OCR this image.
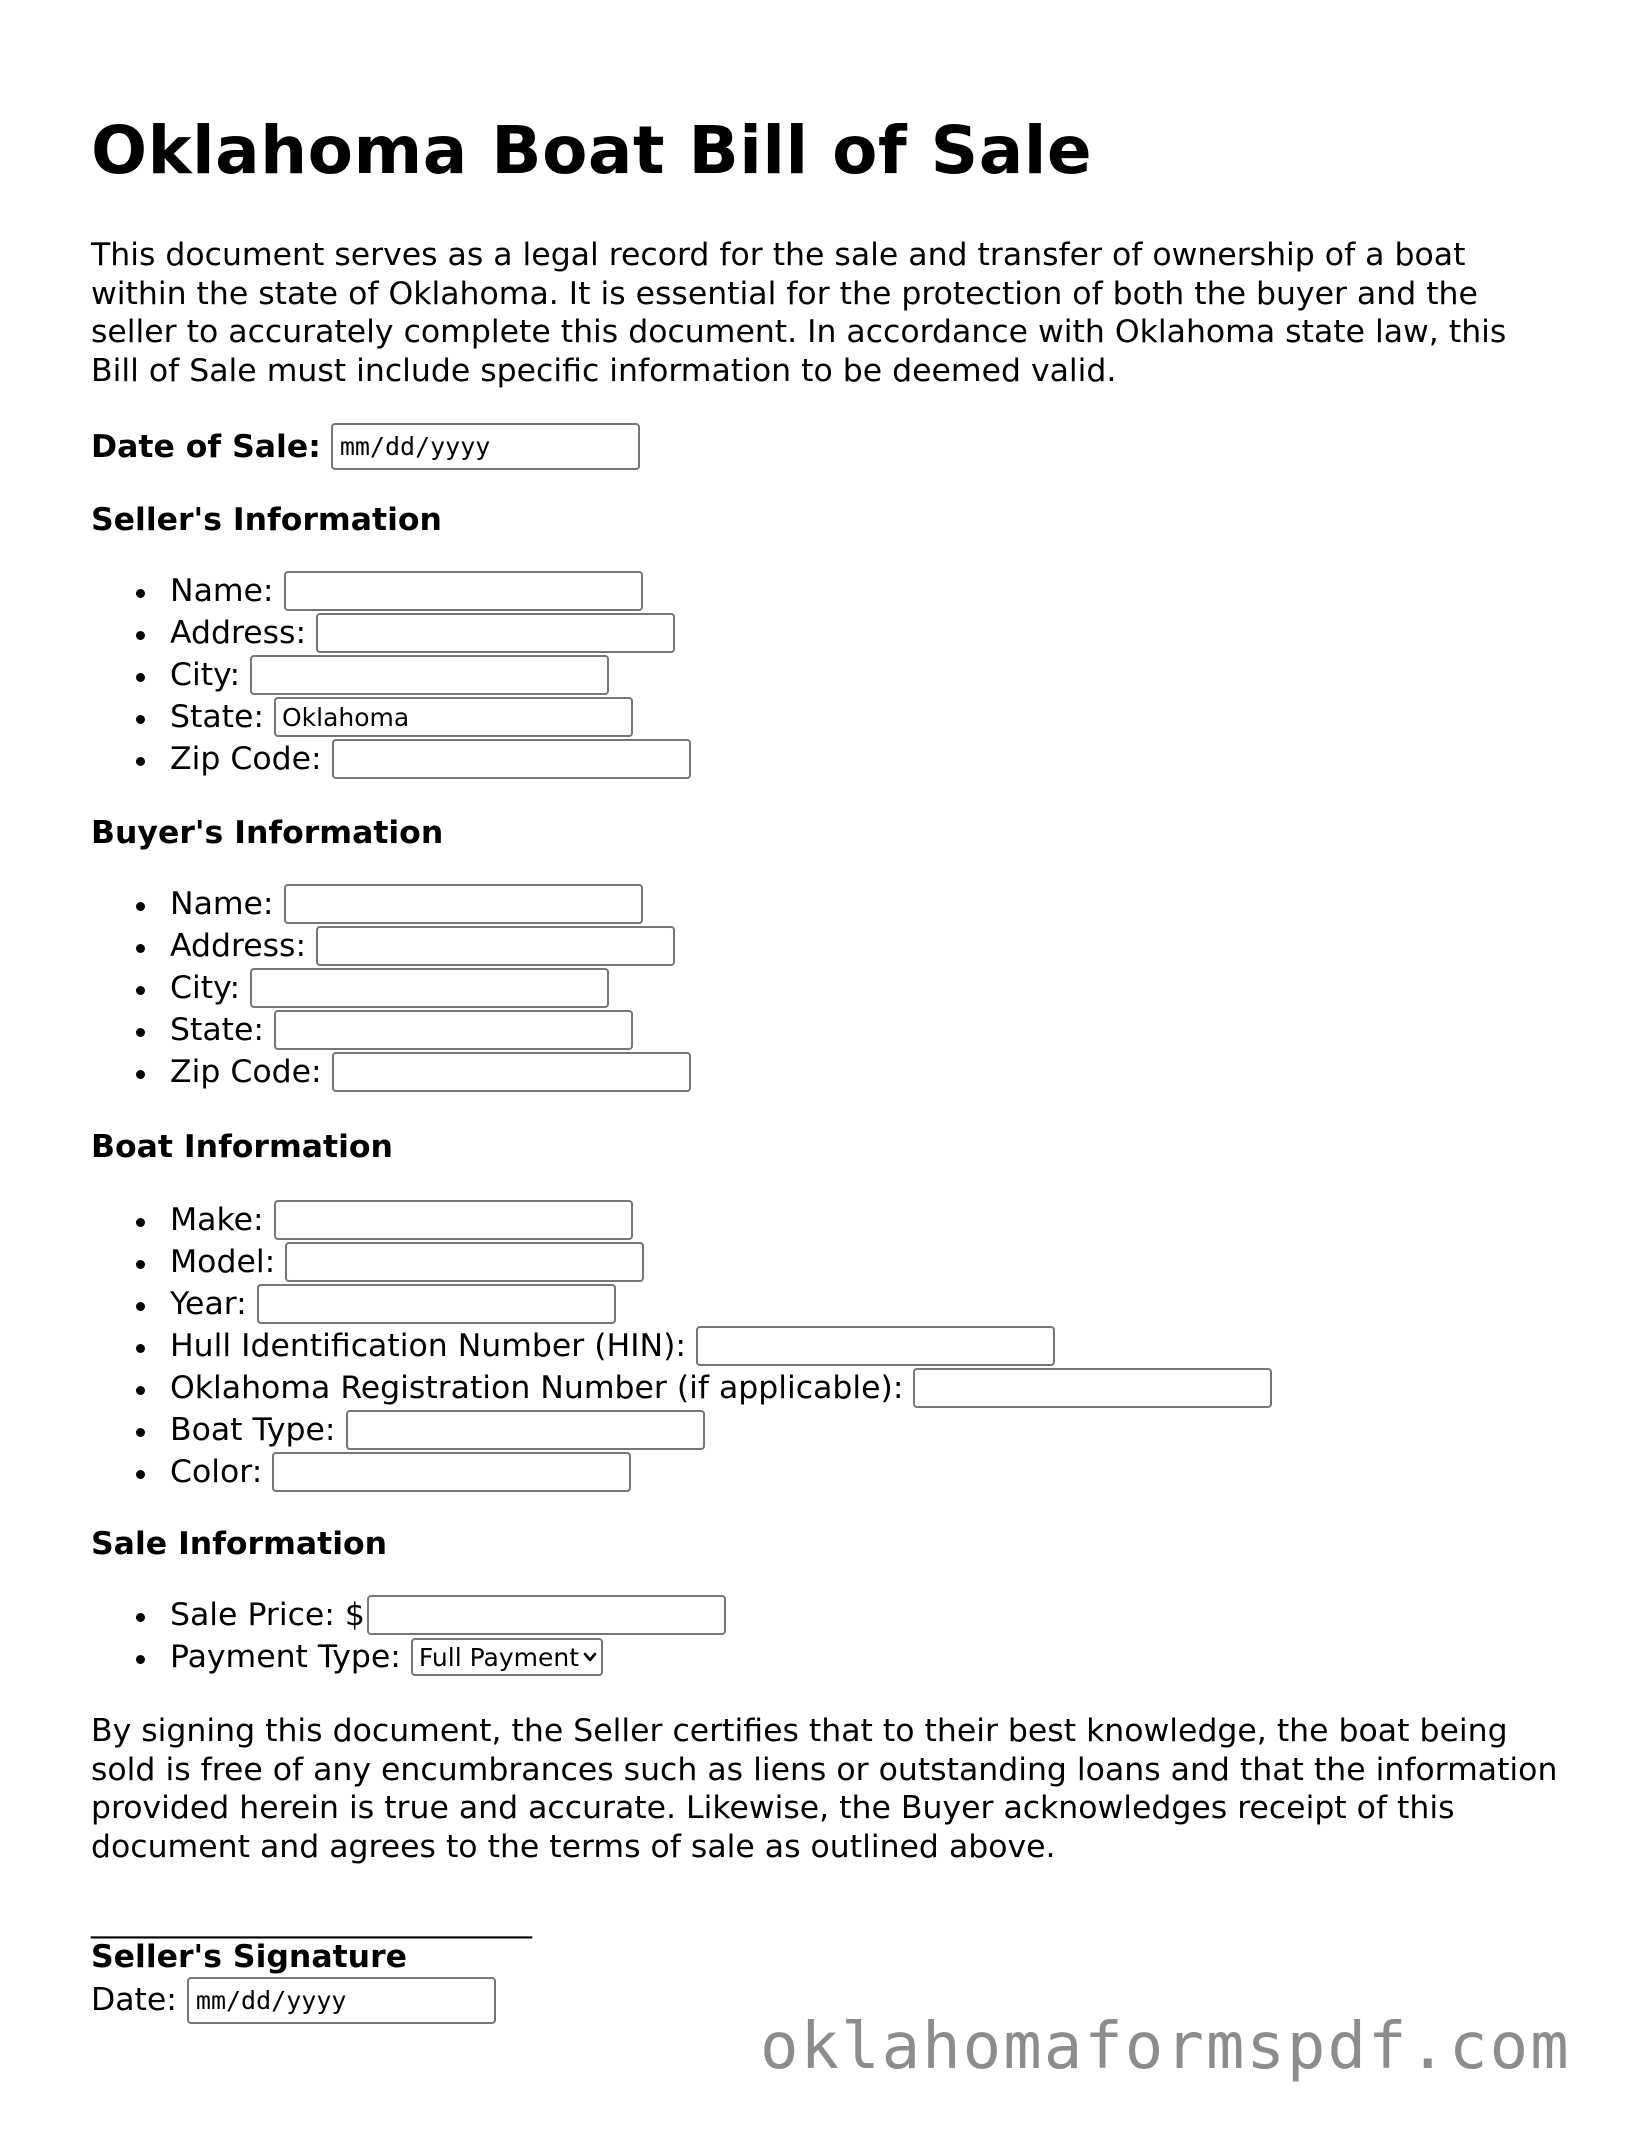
Oklahoma Boat Bill of Sale

This document serves as a legal record for the sale and transfer of ownership of a boat within the state of Oklahoma. It is essential for the protection of both the buyer and the seller to accurately complete this document. In accordance with Oklahoma state law, this Bill of Sale must include specific information to be deemed valid.

Date of Sale: mm/dd/yyyy
Seller's Information
Name:
Address:
City:
State: Oklahoma
Zip Code:
Buyer's Information
Name:
Address:
City:
State:
Zip Code:
Boat Information
Make:
Model:
Year:
Hull Identification Number (HIN):
Oklahoma Registration Number (if applicable):
Boat Type:
Color:
Sale Information
Sale Price: $
Payment Type: Full Payment

By signing this document, the Seller certifies that to their best knowledge, the boat being sold is free of any encumbrances such as liens or outstanding loans and that the information provided herein is true and accurate. Likewise, the Buyer acknowledges receipt of this document and agrees to the terms of sale as outlined above.

____________________________
Seller's Signature
Date: mm/dd/yyyy
oklahomaformspdf.com
